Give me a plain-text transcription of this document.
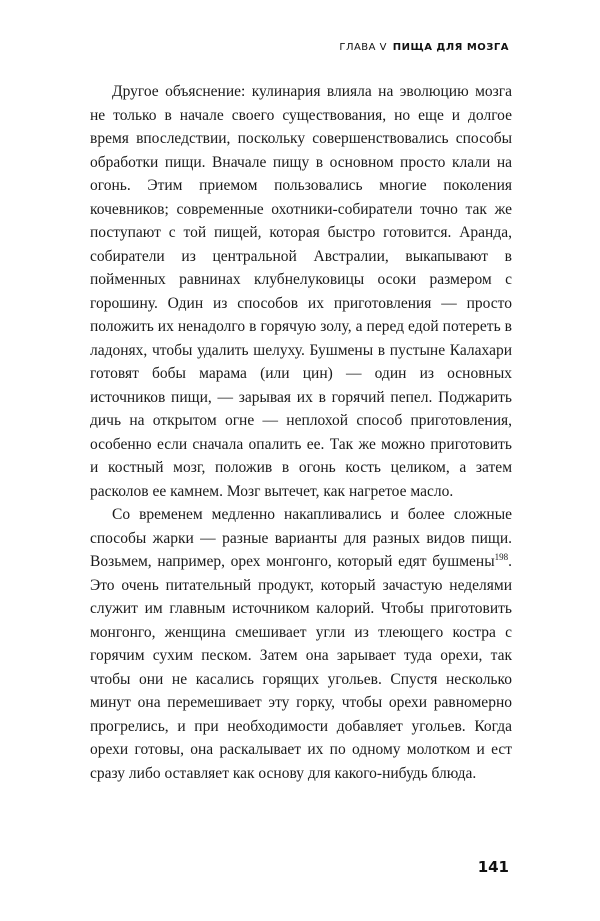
ГЛАВА V ПИЩА ДЛЯ МОЗГА

Другое объяснение: кулинария влияла на эволюцию мозга не только в начале своего существования, но еще и долгое время впоследствии, поскольку совершенствовались способы обработки пищи. Вначале пищу в основном просто клали на огонь. Этим приемом пользовались многие поколения кочевников; современные охотники-собиратели точно так же поступают с той пищей, которая быстро готовится. Аранда, собиратели из центральной Австралии, выкапывают в пойменных равнинах клубнелуковицы осоки размером с горошину. Один из способов их приготовления — просто положить их ненадолго в горячую золу, а перед едой потереть в ладонях, чтобы удалить шелуху. Бушмены в пустыне Калахари готовят бобы марама (или цин) — один из основных источников пищи, — зарывая их в горячий пепел. Поджарить дичь на открытом огне — неплохой способ приготовления, особенно если сначала опалить ее. Так же можно приготовить и костный мозг, положив в огонь кость целиком, а затем расколов ее камнем. Мозг вытечет, как нагретое масло.

Со временем медленно накапливались и более сложные способы жарки — разные варианты для разных видов пищи. Возьмем, например, орех монгонго, который едят бушмены$^{198}$. Это очень питательный продукт, который зачастую неделями служит им главным источником калорий. Чтобы приготовить монгонго, женщина смешивает угли из тлеющего костра с горячим сухим песком. Затем она зарывает туда орехи, так чтобы они не касались горящих угольев. Спустя несколько минут она перемешивает эту горку, чтобы орехи равномерно прогрелись, и при необходимости добавляет угольев. Когда орехи готовы, она раскалывает их по одному молотком и ест сразу либо оставляет как основу для какого-нибудь блюда.

141
